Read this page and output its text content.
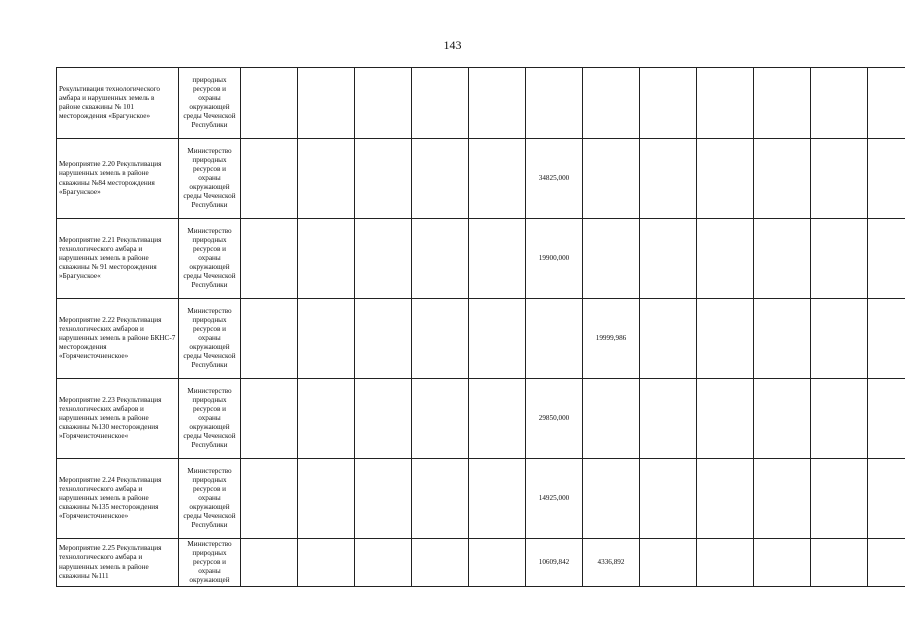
143
Рекультивация технологического амбара и нарушенных земель в районе скважины № 101 месторождения «Брагунское»	природных ресурсов и охраны окружающей среды Чеченской Республики												
Мероприятие 2.20 Рекультивация нарушенных земель в районе скважины №84 месторождения «Брагунское»	Министерство природных ресурсов и охраны окружающей среды Чеченской Республики						34825,000						
Мероприятие 2.21 Рекультивация технологического амбара и нарушенных земель в районе скважины № 91 месторождения »Брагунское«	Министерство природных ресурсов и охраны окружающей среды Чеченской Республики						19900,000						
Мероприятие 2.22 Рекультивация технологических амбаров и нарушенных земель в районе БКНС-7 месторождения «Горячеисточненское»	Министерство природных ресурсов и охраны окружающей среды Чеченской Республики							19999,986					
Мероприятие 2.23 Рекультивация технологических амбаров и нарушенных земель в районе скважины №130 месторождения »Горячеисточненское«	Министерство природных ресурсов и охраны окружающей среды Чеченской Республики						29850,000						
Мероприятие 2.24 Рекультивация технологического амбара и нарушенных земель в районе скважины №135 месторождения «Горячеисточненское»	Министерство природных ресурсов и охраны окружающей среды Чеченской Республики						14925,000						
Мероприятие 2.25 Рекультивация технологического амбара и нарушенных земель в районе скважины №111	Министерство природных ресурсов и охраны окружающей						10609,842	4336,892					
